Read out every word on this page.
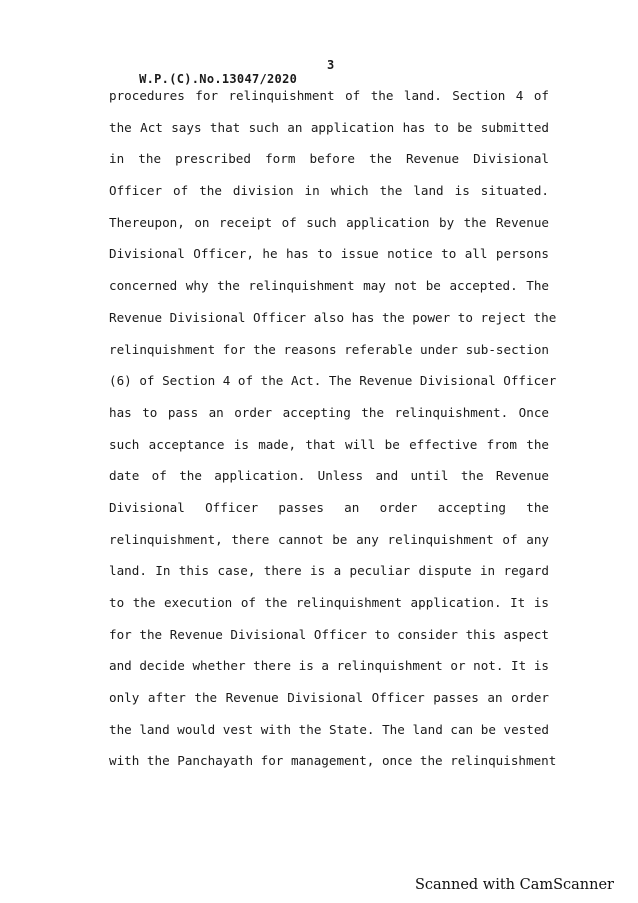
W.P.(C).No.13047/2020

3

procedures for relinquishment of the land. Section 4 of
the Act says that such an application has to be submitted
in the prescribed form before the Revenue Divisional
Officer of the division in which the land is situated.
Thereupon, on receipt of such application by the Revenue
Divisional Officer, he has to issue notice to all persons
concerned why the relinquishment may not be accepted. The
Revenue Divisional Officer also has the power to reject the
relinquishment for the reasons referable under sub-section
(6) of Section 4 of the Act. The Revenue Divisional Officer
has to pass an order accepting the relinquishment. Once
such acceptance is made, that will be effective from the
date of the application. Unless and until the Revenue
Divisional Officer passes an order accepting the
relinquishment, there cannot be any relinquishment of any
land. In this case, there is a peculiar dispute in regard
to the execution of the relinquishment application. It is
for the Revenue Divisional Officer to consider this aspect
and decide whether there is a relinquishment or not. It is
only after the Revenue Divisional Officer passes an order
the land would vest with the State. The land can be vested
with the Panchayath for management, once the relinquishment
Scanned with CamScanner
